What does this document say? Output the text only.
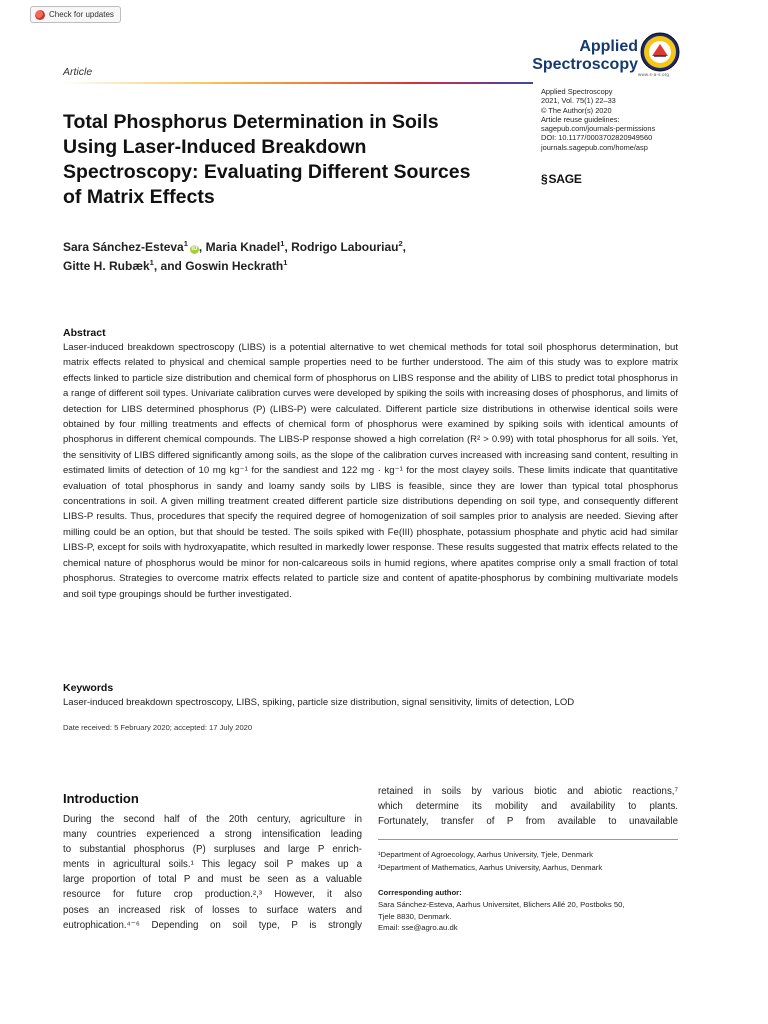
Check for updates
Article
Applied
Spectroscopy
www.s-a-s.org
Applied Spectroscopy
2021, Vol. 75(1) 22–33
© The Author(s) 2020
Article reuse guidelines:
sagepub.com/journals-permissions
DOI: 10.1177/0003702820949560
journals.sagepub.com/home/asp
§ SAGE
Total Phosphorus Determination in Soils Using Laser-Induced Breakdown Spectroscopy: Evaluating Different Sources of Matrix Effects
Sara Sánchez-Esteva$^1$iD , Maria Knadel$^1$, Rodrigo Labouriau$^2$,
Gitte H. Rubæk$^1$, and Goswin Heckrath$^1$
Abstract
Laser-induced breakdown spectroscopy (LIBS) is a potential alternative to wet chemical methods for total soil phosphorus determination, but matrix effects related to physical and chemical sample properties need to be further understood. The aim of this study was to explore matrix effects linked to particle size distribution and chemical form of phosphorus on LIBS response and the ability of LIBS to predict total phosphorus in a range of different soil types. Univariate calibration curves were developed by spiking the soils with increasing doses of phosphorus, and limits of detection for LIBS determined phosphorus (P) (LIBS-P) were calculated. Different particle size distributions in otherwise identical soils were obtained by four milling treatments and effects of chemical form of phosphorus were examined by spiking soils with identical amounts of phosphorus in different chemical compounds. The LIBS-P response showed a high correlation (R² > 0.99) with total phosphorus for all soils. Yet, the sensitivity of LIBS differed significantly among soils, as the slope of the calibration curves increased with increasing sand content, resulting in estimated limits of detection of 10 mg kg⁻¹ for the sandiest and 122 mg · kg⁻¹ for the most clayey soils. These limits indicate that quantitative evaluation of total phosphorus in sandy and loamy sandy soils by LIBS is feasible, since they are lower than typical total phosphorus concentrations in soil. A given milling treatment created different particle size distributions depending on soil type, and consequently different LIBS-P results. Thus, procedures that specify the required degree of homogenization of soil samples prior to analysis are needed. Sieving after milling could be an option, but that should be tested. The soils spiked with Fe(III) phosphate, potassium phosphate and phytic acid had similar LIBS-P, except for soils with hydroxyapatite, which resulted in markedly lower response. These results suggested that matrix effects related to the chemical nature of phosphorus would be minor for non-calcareous soils in humid regions, where apatites comprise only a small fraction of total phosphorus. Strategies to overcome matrix effects related to particle size and content of apatite-phosphorus by combining multivariate models and soil type groupings should be further investigated.
Keywords
Laser-induced breakdown spectroscopy, LIBS, spiking, particle size distribution, signal sensitivity, limits of detection, LOD
Date received: 5 February 2020; accepted: 17 July 2020
Introduction
During the second half of the 20th century, agriculture in
many countries experienced a strong intensification leading
to substantial phosphorus (P) surpluses and large P enrich-
ments in agricultural soils.¹ This legacy soil P makes up a
large proportion of total P and must be seen as a valuable
resource for future crop production.²,³ However, it also
poses an increased risk of losses to surface waters and
eutrophication.⁴⁻⁶ Depending on soil type, P is strongly
retained in soils by various biotic and abiotic reactions,⁷
which determine its mobility and availability to plants.
Fortunately, transfer of P from available to unavailable
¹Department of Agroecology, Aarhus University, Tjele, Denmark
²Department of Mathematics, Aarhus University, Aarhus, Denmark
Corresponding author:
Sara Sánchez-Esteva, Aarhus Universitet, Blichers Allé 20, Postboks 50,
Tjele 8830, Denmark.
Email: sse@agro.au.dk
